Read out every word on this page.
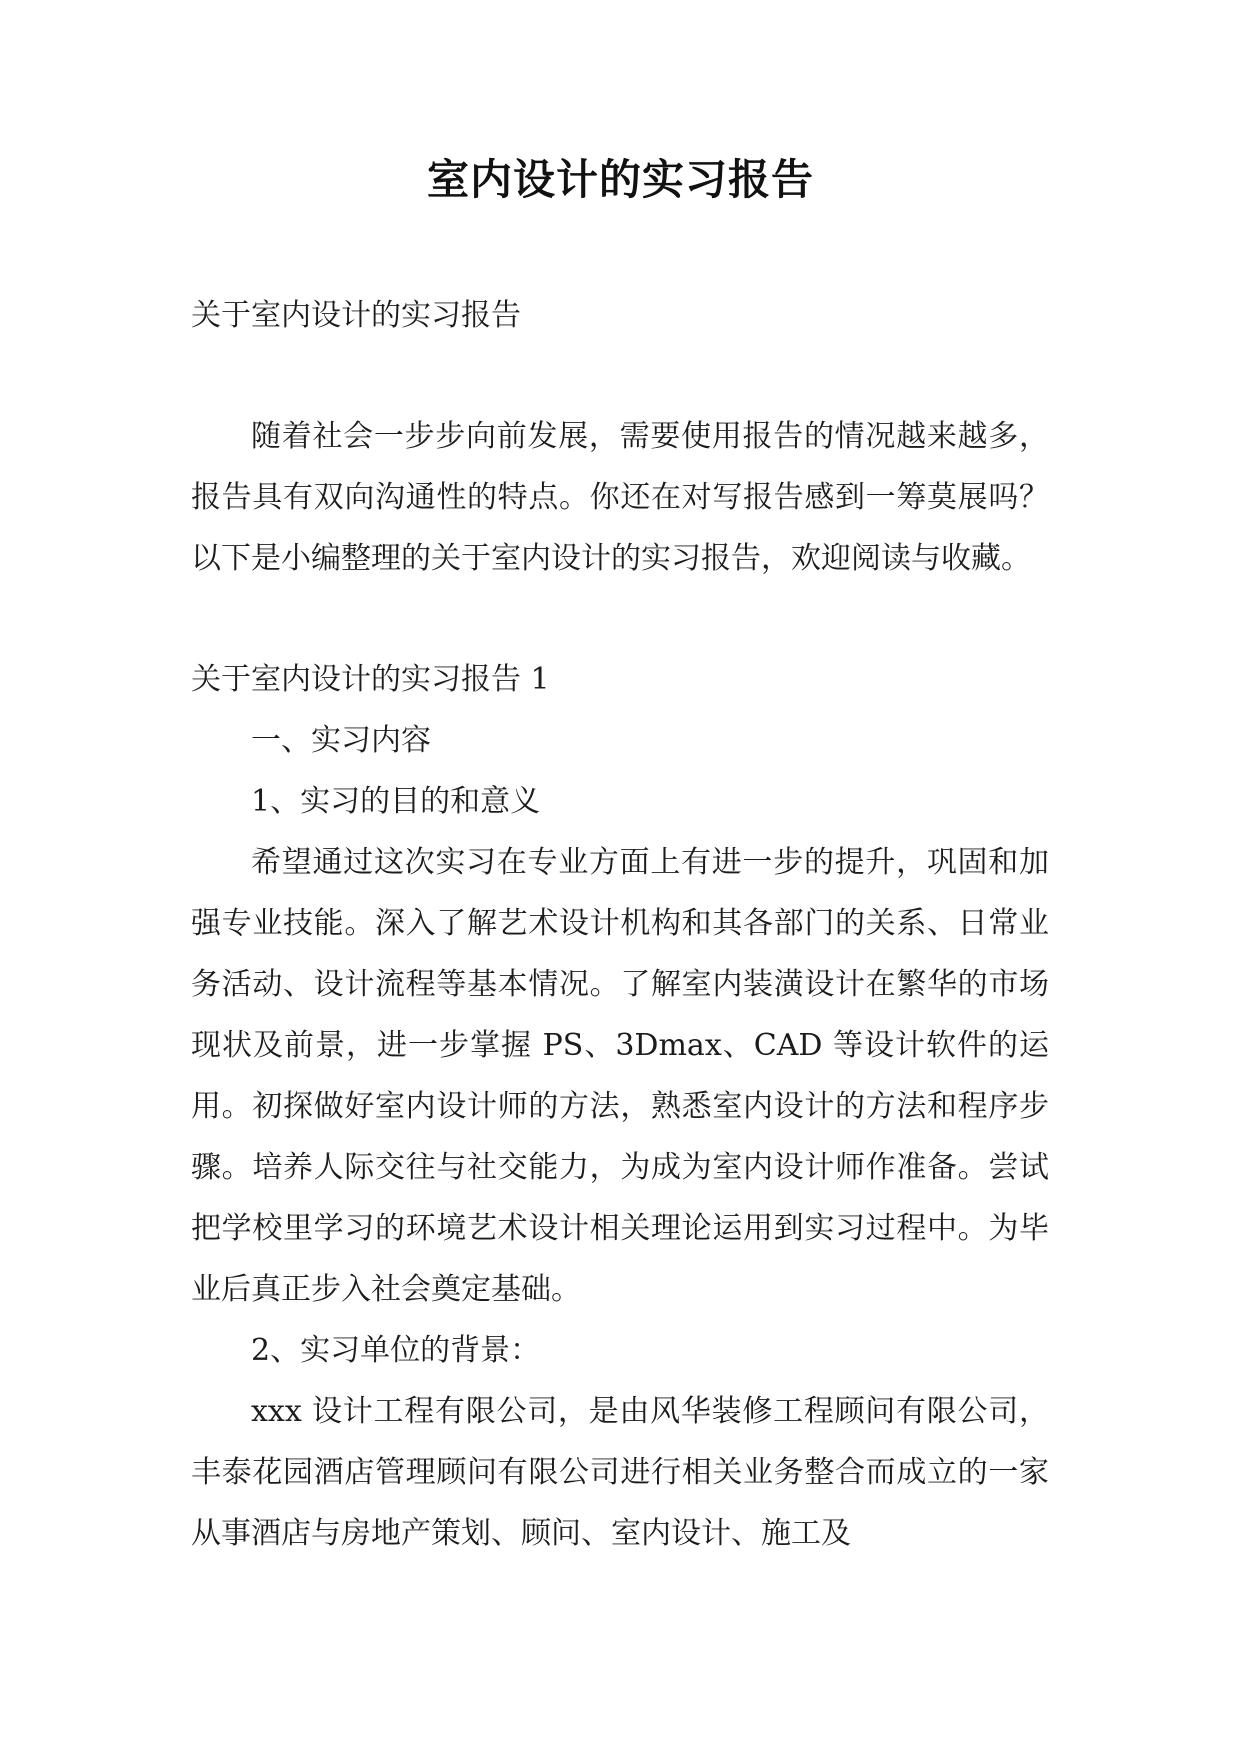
室内设计的实习报告

关于室内设计的实习报告

随着社会一步步向前发展，需要使用报告的情况越来越多，报告具有双向沟通性的特点。你还在对写报告感到一筹莫展吗？以下是小编整理的关于室内设计的实习报告，欢迎阅读与收藏。

关于室内设计的实习报告 1

一、实习内容

1、实习的目的和意义

希望通过这次实习在专业方面上有进一步的提升，巩固和加强专业技能。深入了解艺术设计机构和其各部门的关系、日常业务活动、设计流程等基本情况。了解室内装潢设计在繁华的市场现状及前景，进一步掌握 PS、3Dmax、CAD 等设计软件的运用。初探做好室内设计师的方法，熟悉室内设计的方法和程序步骤。培养人际交往与社交能力，为成为室内设计师作准备。尝试把学校里学习的环境艺术设计相关理论运用到实习过程中。为毕业后真正步入社会奠定基础。

2、实习单位的背景：

xxx 设计工程有限公司，是由风华装修工程顾问有限公司，丰泰花园酒店管理顾问有限公司进行相关业务整合而成立的一家从事酒店与房地产策划、顾问、室内设计、施工及
